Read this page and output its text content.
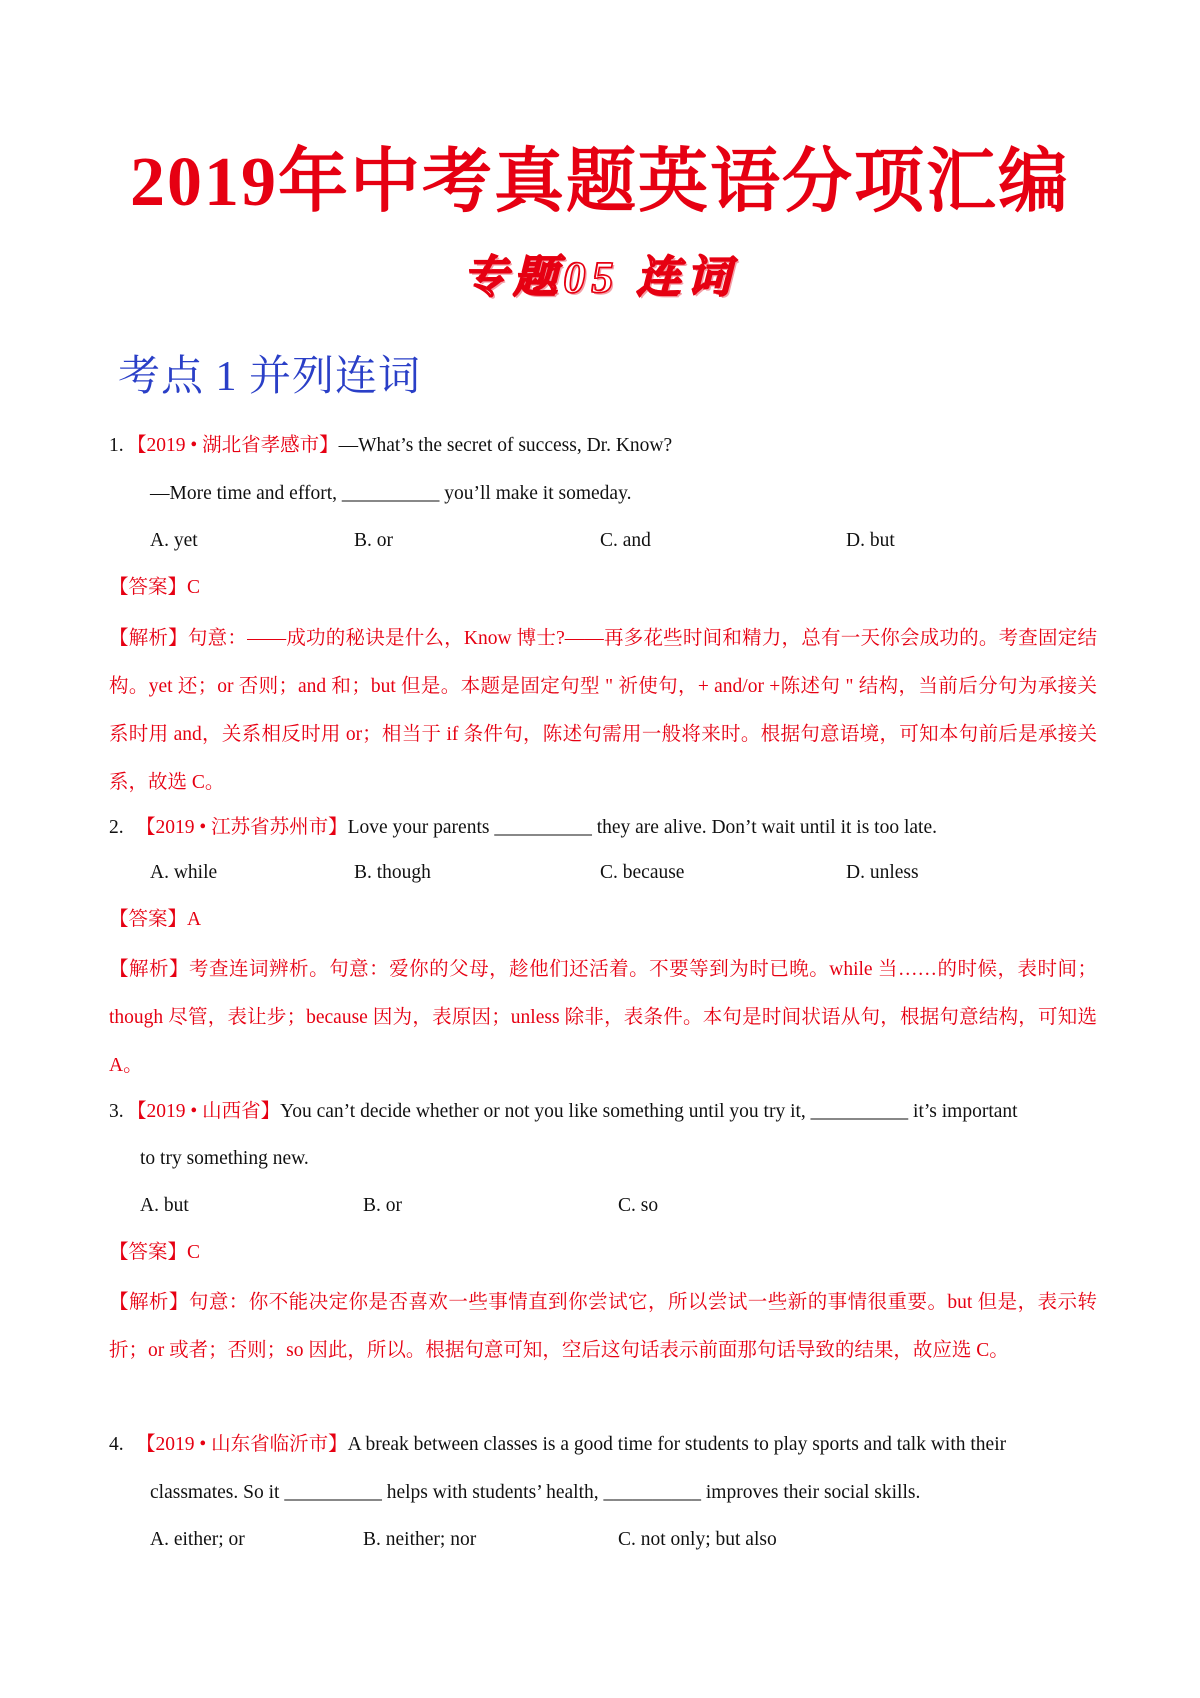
2019年中考真题英语分项汇编
专题05 连词
考点 1 并列连词
1. 【2019 • 湖北省孝感市】—What’s the secret of success, Dr. Know?
—More time and effort, __________ you’ll make it someday.
A. yet	B. or	C. and	D. but
【答案】C
【解析】句意：——成功的秘诀是什么，Know 博士?——再多花些时间和精力，总有一天你会成功的。考查固定结构。yet 还；or 否则；and 和；but 但是。本题是固定句型 " 祈使句，+ and/or +陈述句 " 结构，当前后分句为承接关系时用 and，关系相反时用 or；相当于 if 条件句，陈述句需用一般将来时。根据句意语境，可知本句前后是承接关系，故选 C。
2. 【2019 • 江苏省苏州市】Love your parents __________ they are alive. Don’t wait until it is too late.
A. while	B. though	C. because	D. unless
【答案】A
【解析】考查连词辨析。句意：爱你的父母，趁他们还活着。不要等到为时已晚。while 当……的时候，表时间；though 尽管，表让步；because 因为，表原因；unless 除非，表条件。本句是时间状语从句，根据句意结构，可知选 A。
3. 【2019 • 山西省】You can’t decide whether or not you like something until you try it, __________ it’s important
to try something new.
A. but	B. or	C. so
【答案】C
【解析】句意：你不能决定你是否喜欢一些事情直到你尝试它，所以尝试一些新的事情很重要。but 但是，表示转折；or 或者；否则；so 因此，所以。根据句意可知，空后这句话表示前面那句话导致的结果，故应选 C。
4. 【2019 • 山东省临沂市】A break between classes is a good time for students to play sports and talk with their
classmates. So it __________ helps with students’ health, __________ improves their social skills.
A. either; or	B. neither; nor	C. not only; but also
